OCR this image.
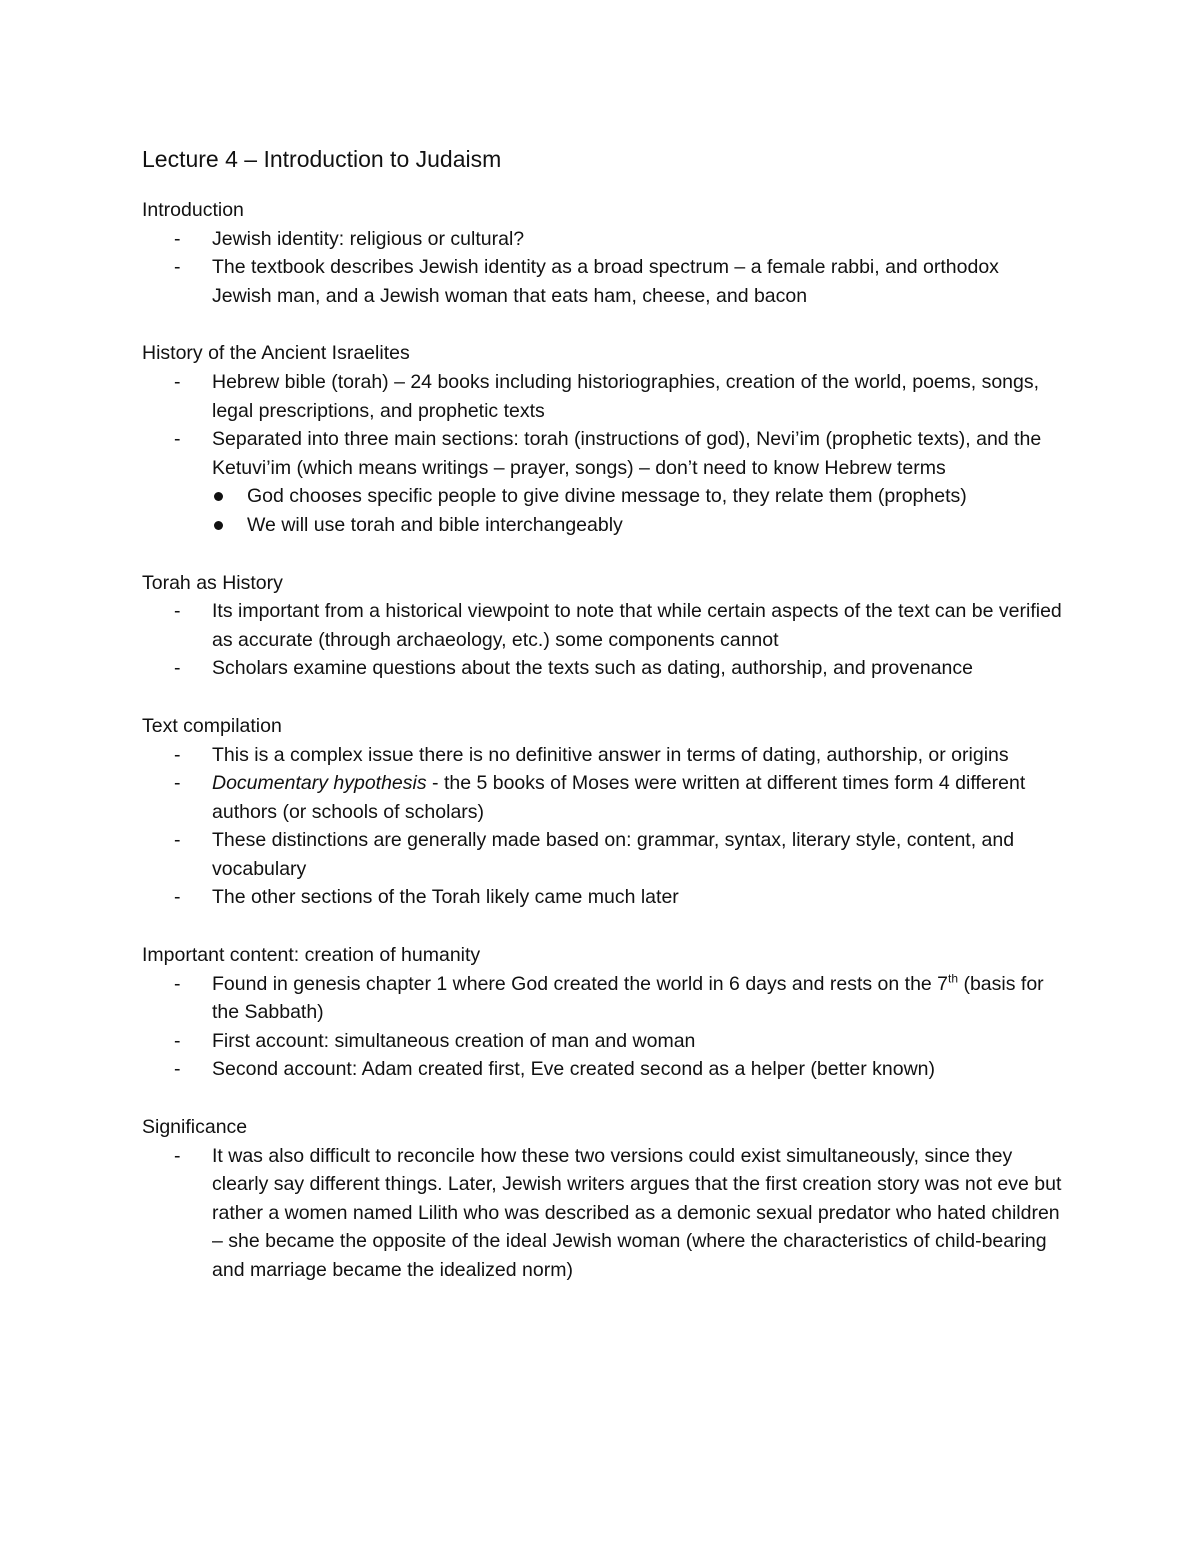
Lecture 4 – Introduction to Judaism

Introduction

- Jewish identity: religious or cultural?
- The textbook describes Jewish identity as a broad spectrum – a female rabbi, and orthodox Jewish man, and a Jewish woman that eats ham, cheese, and bacon

History of the Ancient Israelites

- Hebrew bible (torah) – 24 books including historiographies, creation of the world, poems, songs, legal prescriptions, and prophetic texts
- Separated into three main sections: torah (instructions of god), Nevi’im (prophetic texts), and the Ketuvi’im (which means writings – prayer, songs) – don’t need to know Hebrew terms
God chooses specific people to give divine message to, they relate them (prophets)
We will use torah and bible interchangeably

Torah as History

- Its important from a historical viewpoint to note that while certain aspects of the text can be verified as accurate (through archaeology, etc.) some components cannot
- Scholars examine questions about the texts such as dating, authorship, and provenance

Text compilation

- This is a complex issue there is no definitive answer in terms of dating, authorship, or origins
- Documentary hypothesis - the 5 books of Moses were written at different times form 4 different authors (or schools of scholars)
- These distinctions are generally made based on: grammar, syntax, literary style, content, and vocabulary
- The other sections of the Torah likely came much later

Important content: creation of humanity

- Found in genesis chapter 1 where God created the world in 6 days and rests on the 7th (basis for the Sabbath)
- First account: simultaneous creation of man and woman
- Second account: Adam created first, Eve created second as a helper (better known)

Significance

- It was also difficult to reconcile how these two versions could exist simultaneously, since they clearly say different things. Later, Jewish writers argues that the first creation story was not eve but rather a women named Lilith who was described as a demonic sexual predator who hated children – she became the opposite of the ideal Jewish woman (where the characteristics of child-bearing and marriage became the idealized norm)
